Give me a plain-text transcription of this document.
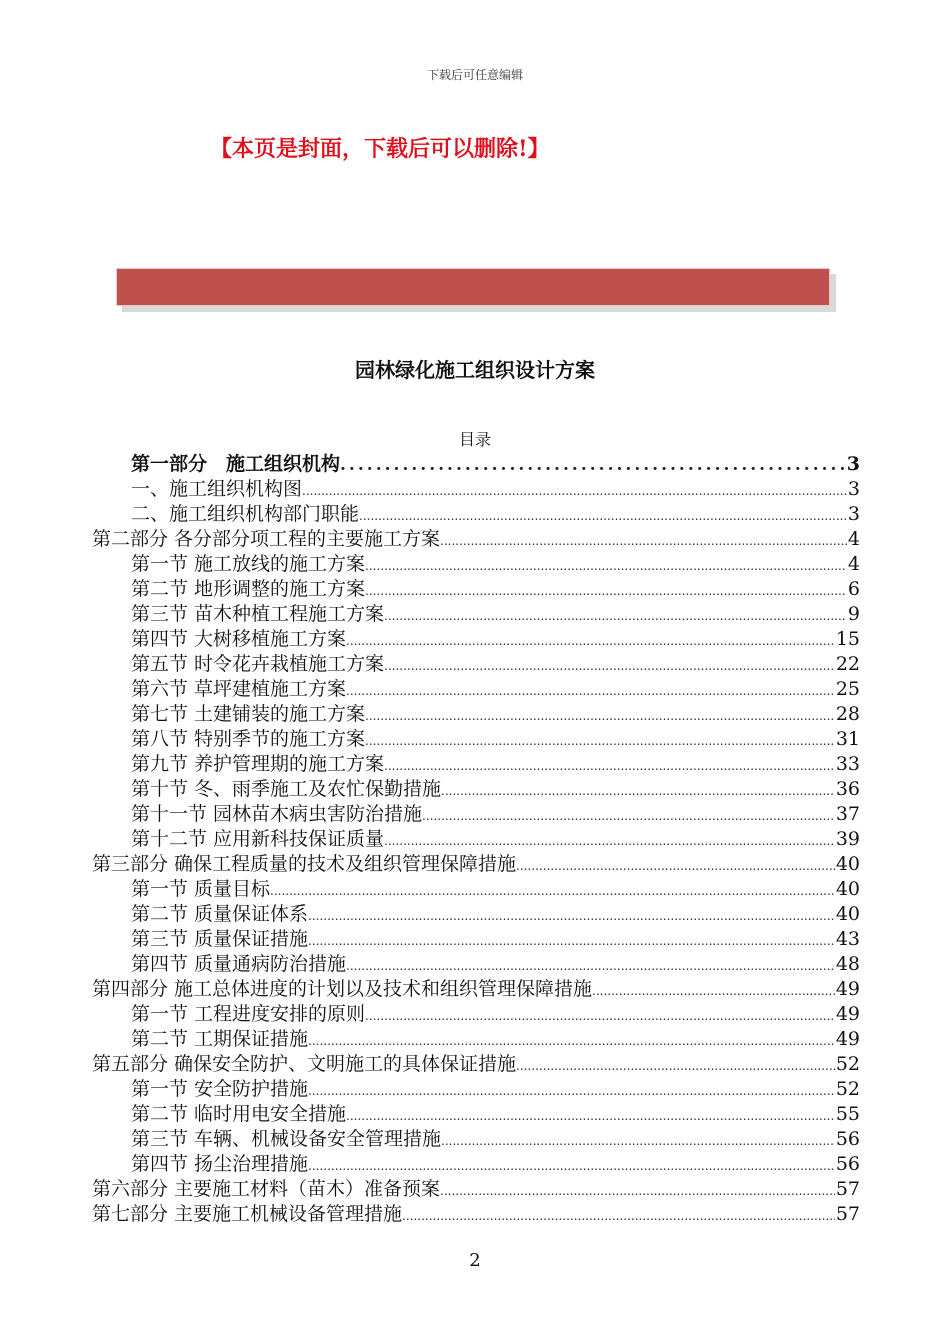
下载后可任意编辑
【本页是封面，下载后可以删除!】
园林绿化施工组织设计方案
目录
第一部分　施工组织机构 .....	3
一、施工组织机构图 .....	3
二、施工组织机构部门职能 .....	3
第二部分 各分部分项工程的主要施工方案 .....	4
第一节 施工放线的施工方案 .....	4
第二节 地形调整的施工方案 .....	6
第三节 苗木种植工程施工方案 .....	9
第四节 大树移植施工方案 .....	15
第五节 时令花卉栽植施工方案 .....	22
第六节 草坪建植施工方案 .....	25
第七节 土建铺装的施工方案 .....	28
第八节 特别季节的施工方案 .....	31
第九节 养护管理期的施工方案 .....	33
第十节 冬、雨季施工及农忙保勤措施 .....	36
第十一节 园林苗木病虫害防治措施 .....	37
第十二节 应用新科技保证质量 .....	39
第三部分 确保工程质量的技术及组织管理保障措施 .....	40
第一节 质量目标 .....	40
第二节 质量保证体系 .....	40
第三节 质量保证措施 .....	43
第四节 质量通病防治措施 .....	48
第四部分 施工总体进度的计划以及技术和组织管理保障措施 .....	49
第一节 工程进度安排的原则 .....	49
第二节 工期保证措施 .....	49
第五部分 确保安全防护、文明施工的具体保证措施 .....	52
第一节 安全防护措施 .....	52
第二节 临时用电安全措施 .....	55
第三节 车辆、机械设备安全管理措施 .....	56
第四节 扬尘治理措施 .....	56
第六部分 主要施工材料（苗木）准备预案 .....	57
第七部分 主要施工机械设备管理措施 .....	57
2
